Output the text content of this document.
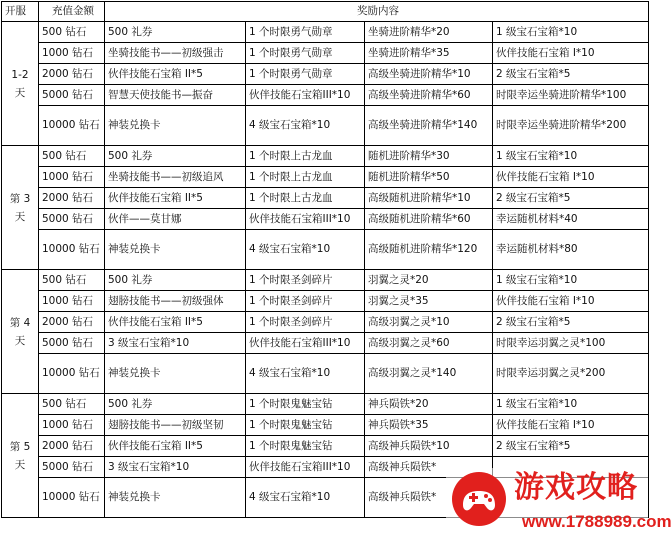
开服	充值金额	奖励内容			

1-2
天	500 钻石	500 礼券	1 个时限勇气勋章	坐骑进阶精华*20	1 级宝石宝箱*10
	1000 钻石	坐骑技能书——初级强击	1 个时限勇气勋章	坐骑进阶精华*35	伙伴技能石宝箱 I*10
	2000 钻石	伙伴技能石宝箱 II*5	1 个时限勇气勋章	高级坐骑进阶精华*10	2 级宝石宝箱*5
	5000 钻石	智慧天使技能书—振奋	伙伴技能石宝箱III*10	高级坐骑进阶精华*60	时限幸运坐骑进阶精华*100
	10000 钻石	神装兑换卡	4 级宝石宝箱*10	高级坐骑进阶精华*140	时限幸运坐骑进阶精华*200

第 3
天	500 钻石	500 礼券	1 个时限上古龙血	随机进阶精华*30	1 级宝石宝箱*10
	1000 钻石	坐骑技能书——初级追风	1 个时限上古龙血	随机进阶精华*50	伙伴技能石宝箱 I*10
	2000 钻石	伙伴技能石宝箱 II*5	1 个时限上古龙血	高级随机进阶精华*10	2 级宝石宝箱*5
	5000 钻石	伙伴——莫甘娜	伙伴技能石宝箱III*10	高级随机进阶精华*60	幸运随机材料*40
	10000 钻石	神装兑换卡	4 级宝石宝箱*10	高级随机进阶精华*120	幸运随机材料*80

第 4
天	500 钻石	500 礼券	1 个时限圣剑碎片	羽翼之灵*20	1 级宝石宝箱*10
	1000 钻石	翅膀技能书——初级强体	1 个时限圣剑碎片	羽翼之灵*35	伙伴技能石宝箱 I*10
	2000 钻石	伙伴技能石宝箱 II*5	1 个时限圣剑碎片	高级羽翼之灵*10	2 级宝石宝箱*5
	5000 钻石	3 级宝石宝箱*10	伙伴技能石宝箱III*10	高级羽翼之灵*60	时限幸运羽翼之灵*100
	10000 钻石	神装兑换卡	4 级宝石宝箱*10	高级羽翼之灵*140	时限幸运羽翼之灵*200

第 5
天	500 钻石	500 礼券	1 个时限鬼魅宝钻	神兵陨铁*20	1 级宝石宝箱*10
	1000 钻石	翅膀技能书——初级坚韧	1 个时限鬼魅宝钻	神兵陨铁*35	伙伴技能石宝箱 I*10
	2000 钻石	伙伴技能石宝箱 II*5	1 个时限鬼魅宝钻	高级神兵陨铁*10	2 级宝石宝箱*5
	5000 钻石	3 级宝石宝箱*10	伙伴技能石宝箱III*10	高级神兵陨铁*	
	10000 钻石	神装兑换卡	4 级宝石宝箱*10	高级神兵陨铁*		游戏攻略
www.1788989.com
